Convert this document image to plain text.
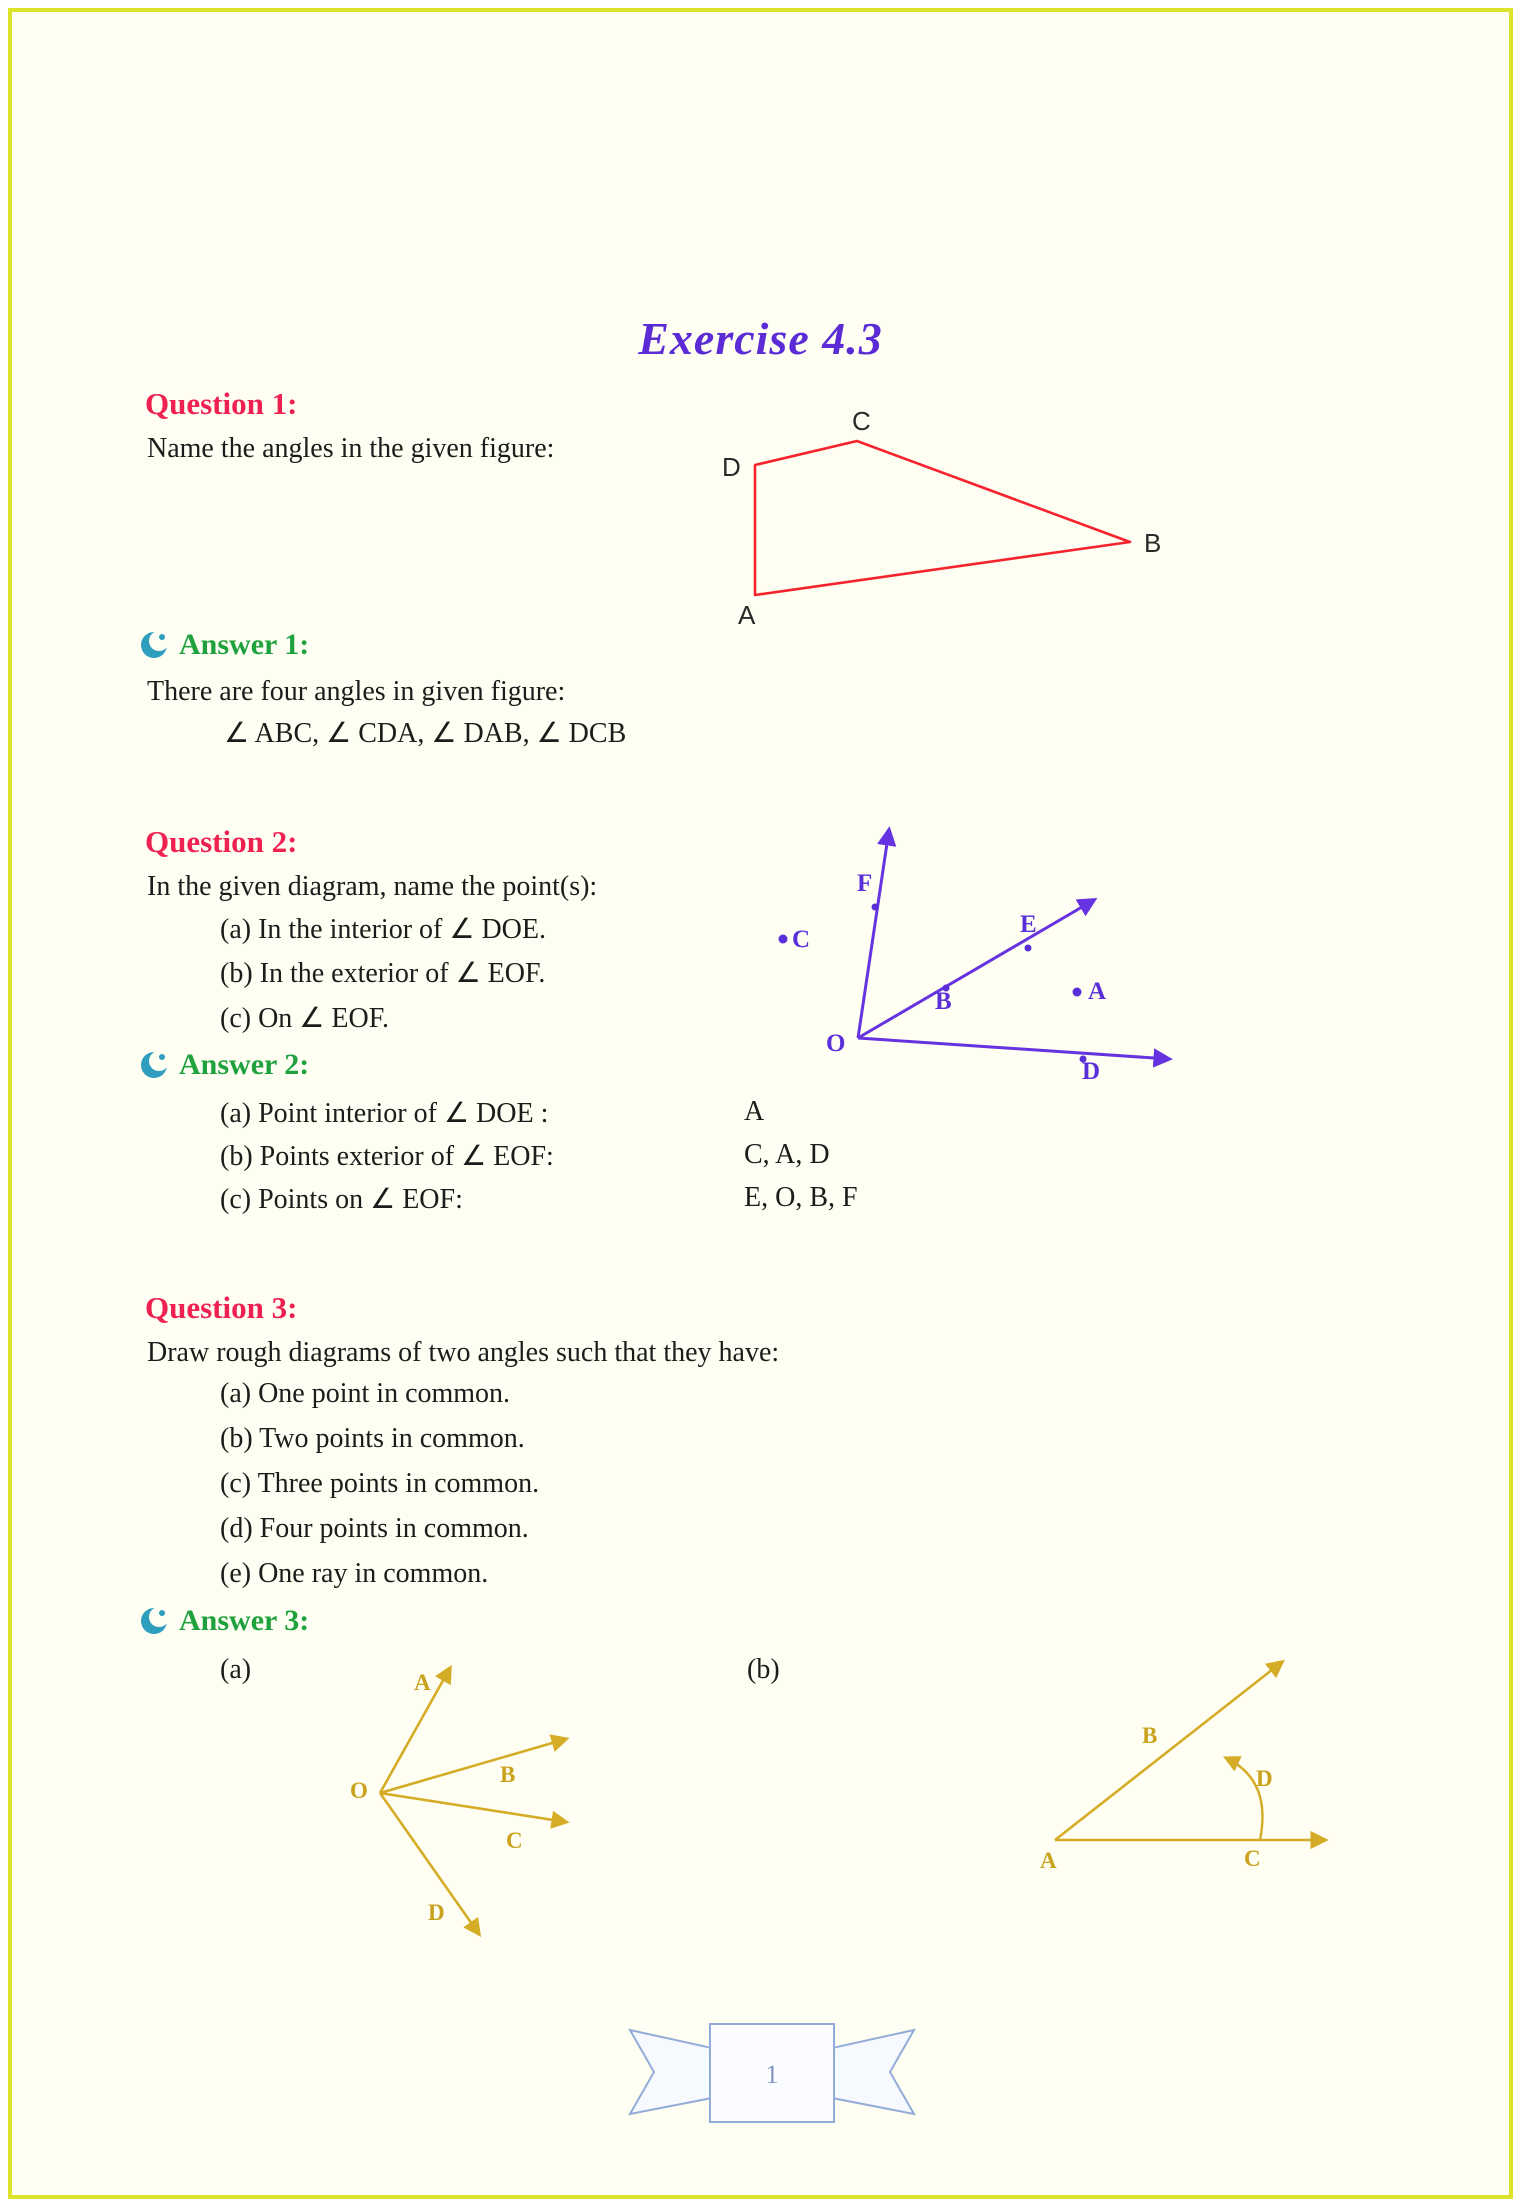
Exercise 4.3
Question 1:
Name the angles in the given figure:
C
D
B
A
Answer 1:
There are four angles in given figure:
∠ ABC, ∠ CDA, ∠ DAB, ∠ DCB
Question 2:
In the given diagram, name the point(s):
(a) In the interior of ∠ DOE.
(b) In the exterior of ∠ EOF.
(c) On ∠ EOF.
F
E
B
D
O
C
A
Answer 2:
(a) Point interior of ∠ DOE :	A
(b) Points exterior of ∠ EOF:	C, A, D
(c) Points on ∠ EOF:	E, O, B, F
Question 3:
Draw rough diagrams of two angles such that they have:
(a) One point in common.
(b) Two points in common.
(c) Three points in common.
(d) Four points in common.
(e) One ray in common.
Answer 3:
(a)	(b)
A
B
C
D
O
A
B
C
D
1
